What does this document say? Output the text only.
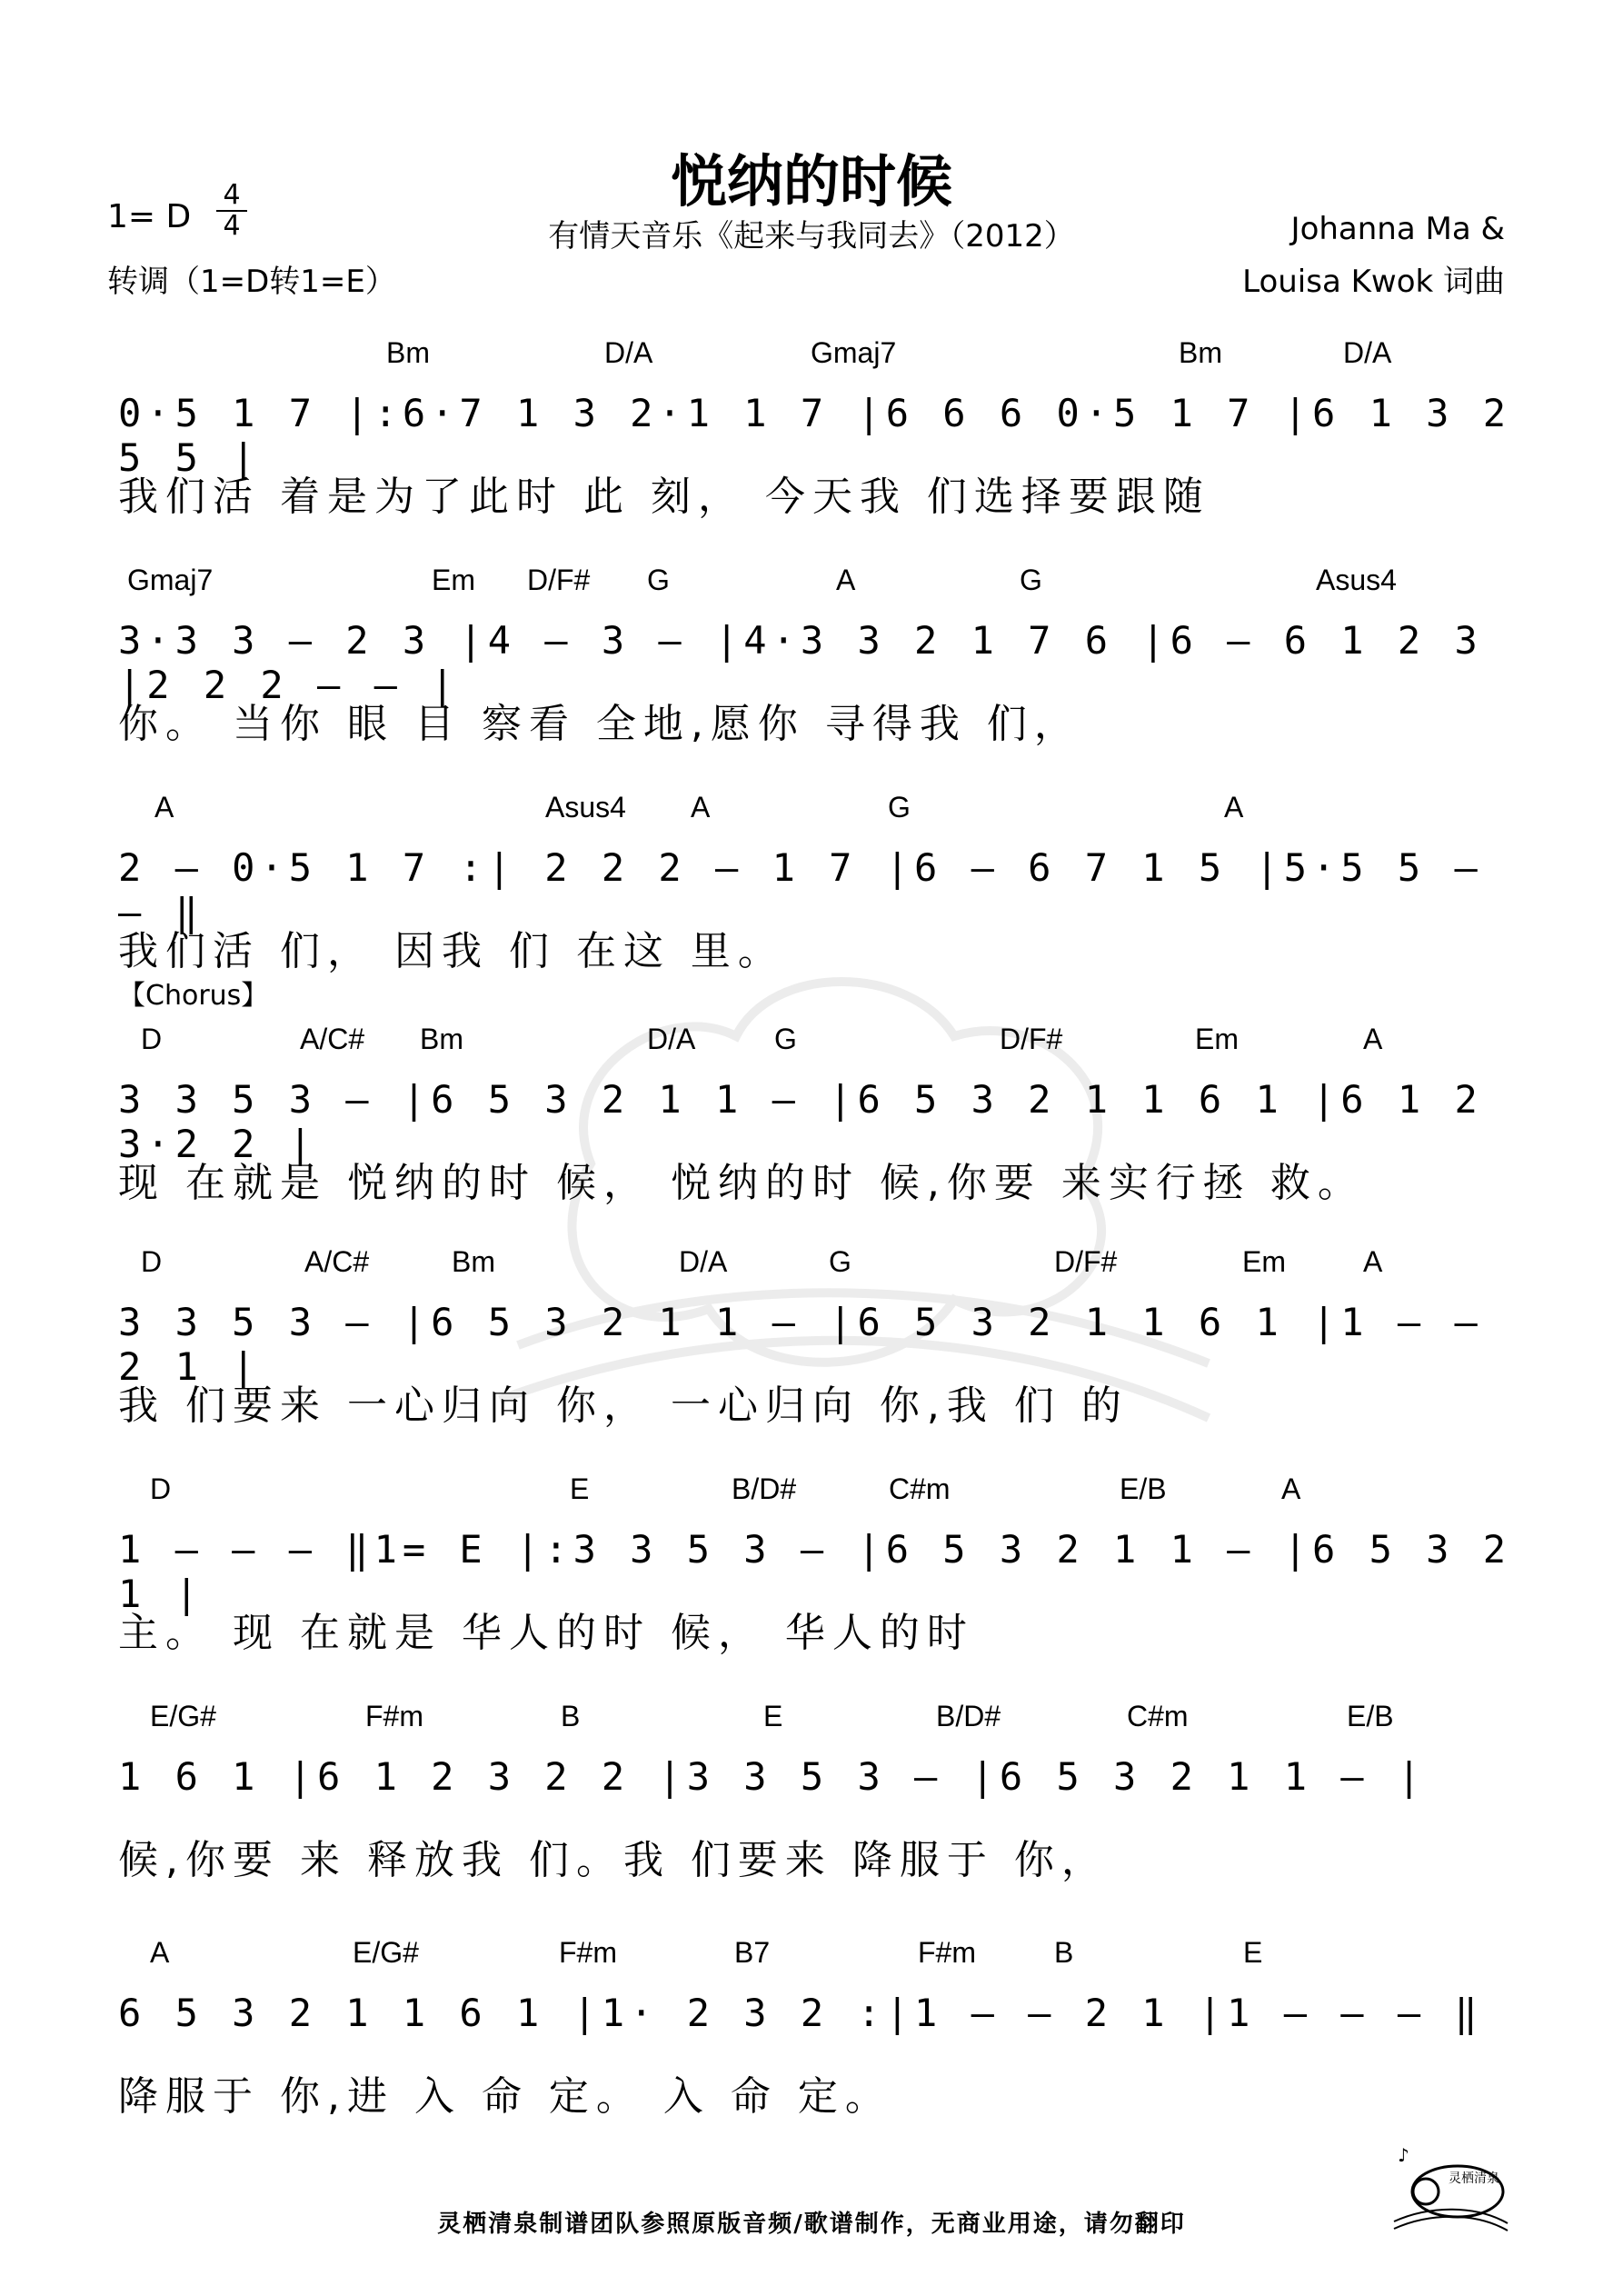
悦纳的时候
1= D
4
4
转调（1=D转1=E）
有情天音乐《起来与我同去》（2012）	Johanna Ma &
Louisa Kwok 词曲
Bm	D/A	Gmaj7	Bm	D/A
0·5 1 7 |:6·7 1 3 2·1 1 7 |6 6 6 0·5 1 7 |6 1 3 2 5 5 |
我们活 着是为了此时 此 刻， 今天我 们选择要跟随
Gmaj7	Em D/F# G	A	G	Asus4
3·3 3 – 2 3 |4 – 3 – |4·3 3 2 1 7 6 |6 – 6 1 2 3 |2 2 2 – – |
你。 当你 眼 目 察看 全地,愿你 寻得我 们，
A	Asus4 A	G	A
2 – 0·5 1 7 :| 2 2 2 – 1 7 |6 – 6 7 1 5 |5·5 5 – – ‖
我们活 们， 因我 们 在这 里。
【Chorus】
D	A/C# Bm	D/A	G	D/F#	Em	A
3 3 5 3 – |6 5 3 2 1 1 – |6 5 3 2 1 1 6 1 |6 1 2 3·2 2 |
现 在就是 悦纳的时 候， 悦纳的时 候,你要 来实行拯 救。
D	A/C#	Bm	D/A	G	D/F#	Em	A
3 3 5 3 – |6 5 3 2 1 1 – |6 5 3 2 1 1 6 1 |1 – – 2 1 |
我 们要来 一心归向 你， 一心归向 你,我 们 的
D	E	B/D#	C#m	E/B	A
1 – – – ‖1= E |:3 3 5 3 – |6 5 3 2 1 1 – |6 5 3 2 1 |
主。 现 在就是 华人的时 候， 华人的时
E/G#	F#m	B	E	B/D#	C#m	E/B
1 6 1 |6 1 2 3 2 2 |3 3 5 3 – |6 5 3 2 1 1 – |
候,你要 来 释放我 们。我 们要来 降服于 你，
A	E/G#	F#m	B7	F#m	B	E
6 5 3 2 1 1 6 1 |1· 2 3 2 :|1 – – 2 1 |1 – – – ‖
降服于 你,进 入 命 定。 入 命 定。
灵栖清泉制谱团队参照原版音频/歌谱制作，无商业用途，请勿翻印
♪
灵栖清泉
